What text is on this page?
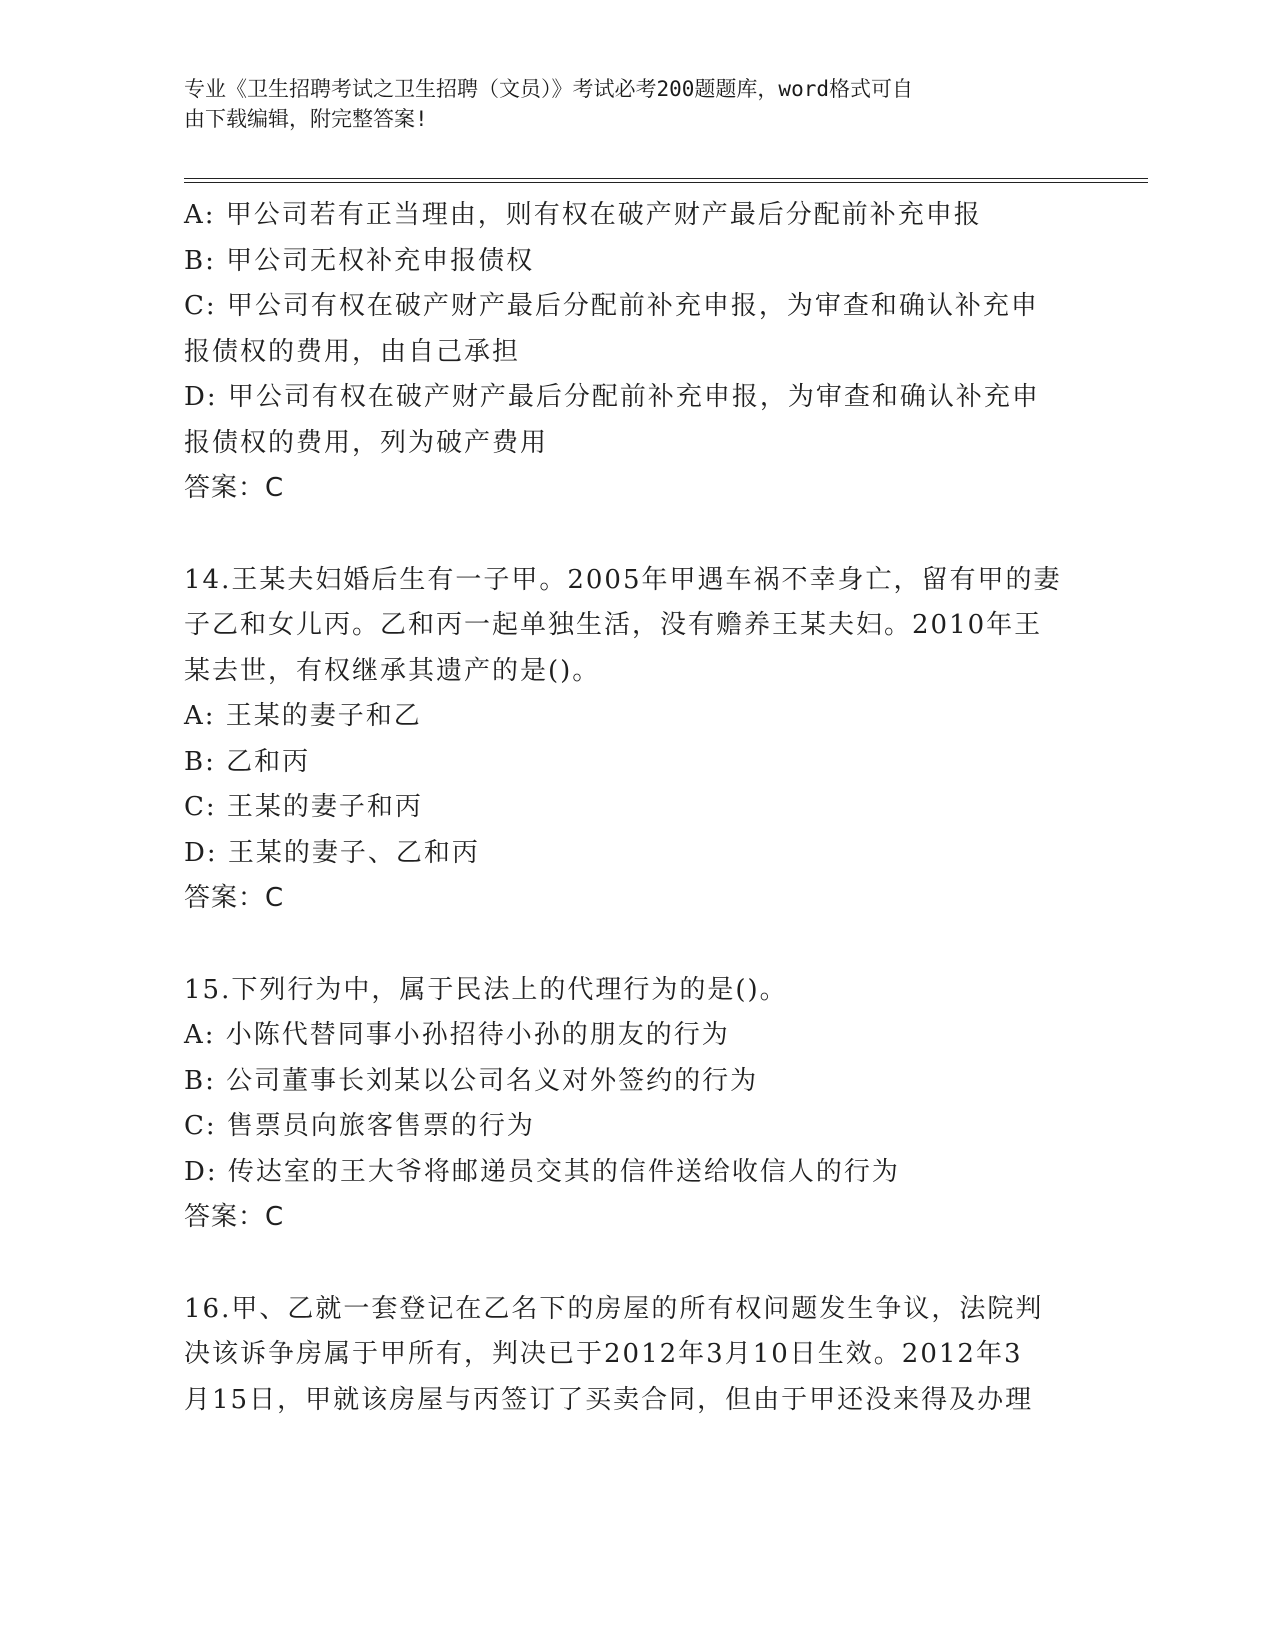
专业《卫生招聘考试之卫生招聘（文员）》考试必考200题题库，word格式可自
由下载编辑，附完整答案!
A: 甲公司若有正当理由，则有权在破产财产最后分配前补充申报
B: 甲公司无权补充申报债权
C: 甲公司有权在破产财产最后分配前补充申报，为审查和确认补充申
报债权的费用，由自己承担
D: 甲公司有权在破产财产最后分配前补充申报，为审查和确认补充申
报债权的费用，列为破产费用
答案：C
14.王某夫妇婚后生有一子甲。2005年甲遇车祸不幸身亡，留有甲的妻
子乙和女儿丙。乙和丙一起单独生活，没有赡养王某夫妇。2010年王
某去世，有权继承其遗产的是()。
A: 王某的妻子和乙
B: 乙和丙
C: 王某的妻子和丙
D: 王某的妻子、乙和丙
答案：C
15.下列行为中，属于民法上的代理行为的是()。
A: 小陈代替同事小孙招待小孙的朋友的行为
B: 公司董事长刘某以公司名义对外签约的行为
C: 售票员向旅客售票的行为
D: 传达室的王大爷将邮递员交其的信件送给收信人的行为
答案：C
16.甲、乙就一套登记在乙名下的房屋的所有权问题发生争议，法院判
决该诉争房属于甲所有，判决已于2012年3月10日生效。2012年3
月15日，甲就该房屋与丙签订了买卖合同，但由于甲还没来得及办理
